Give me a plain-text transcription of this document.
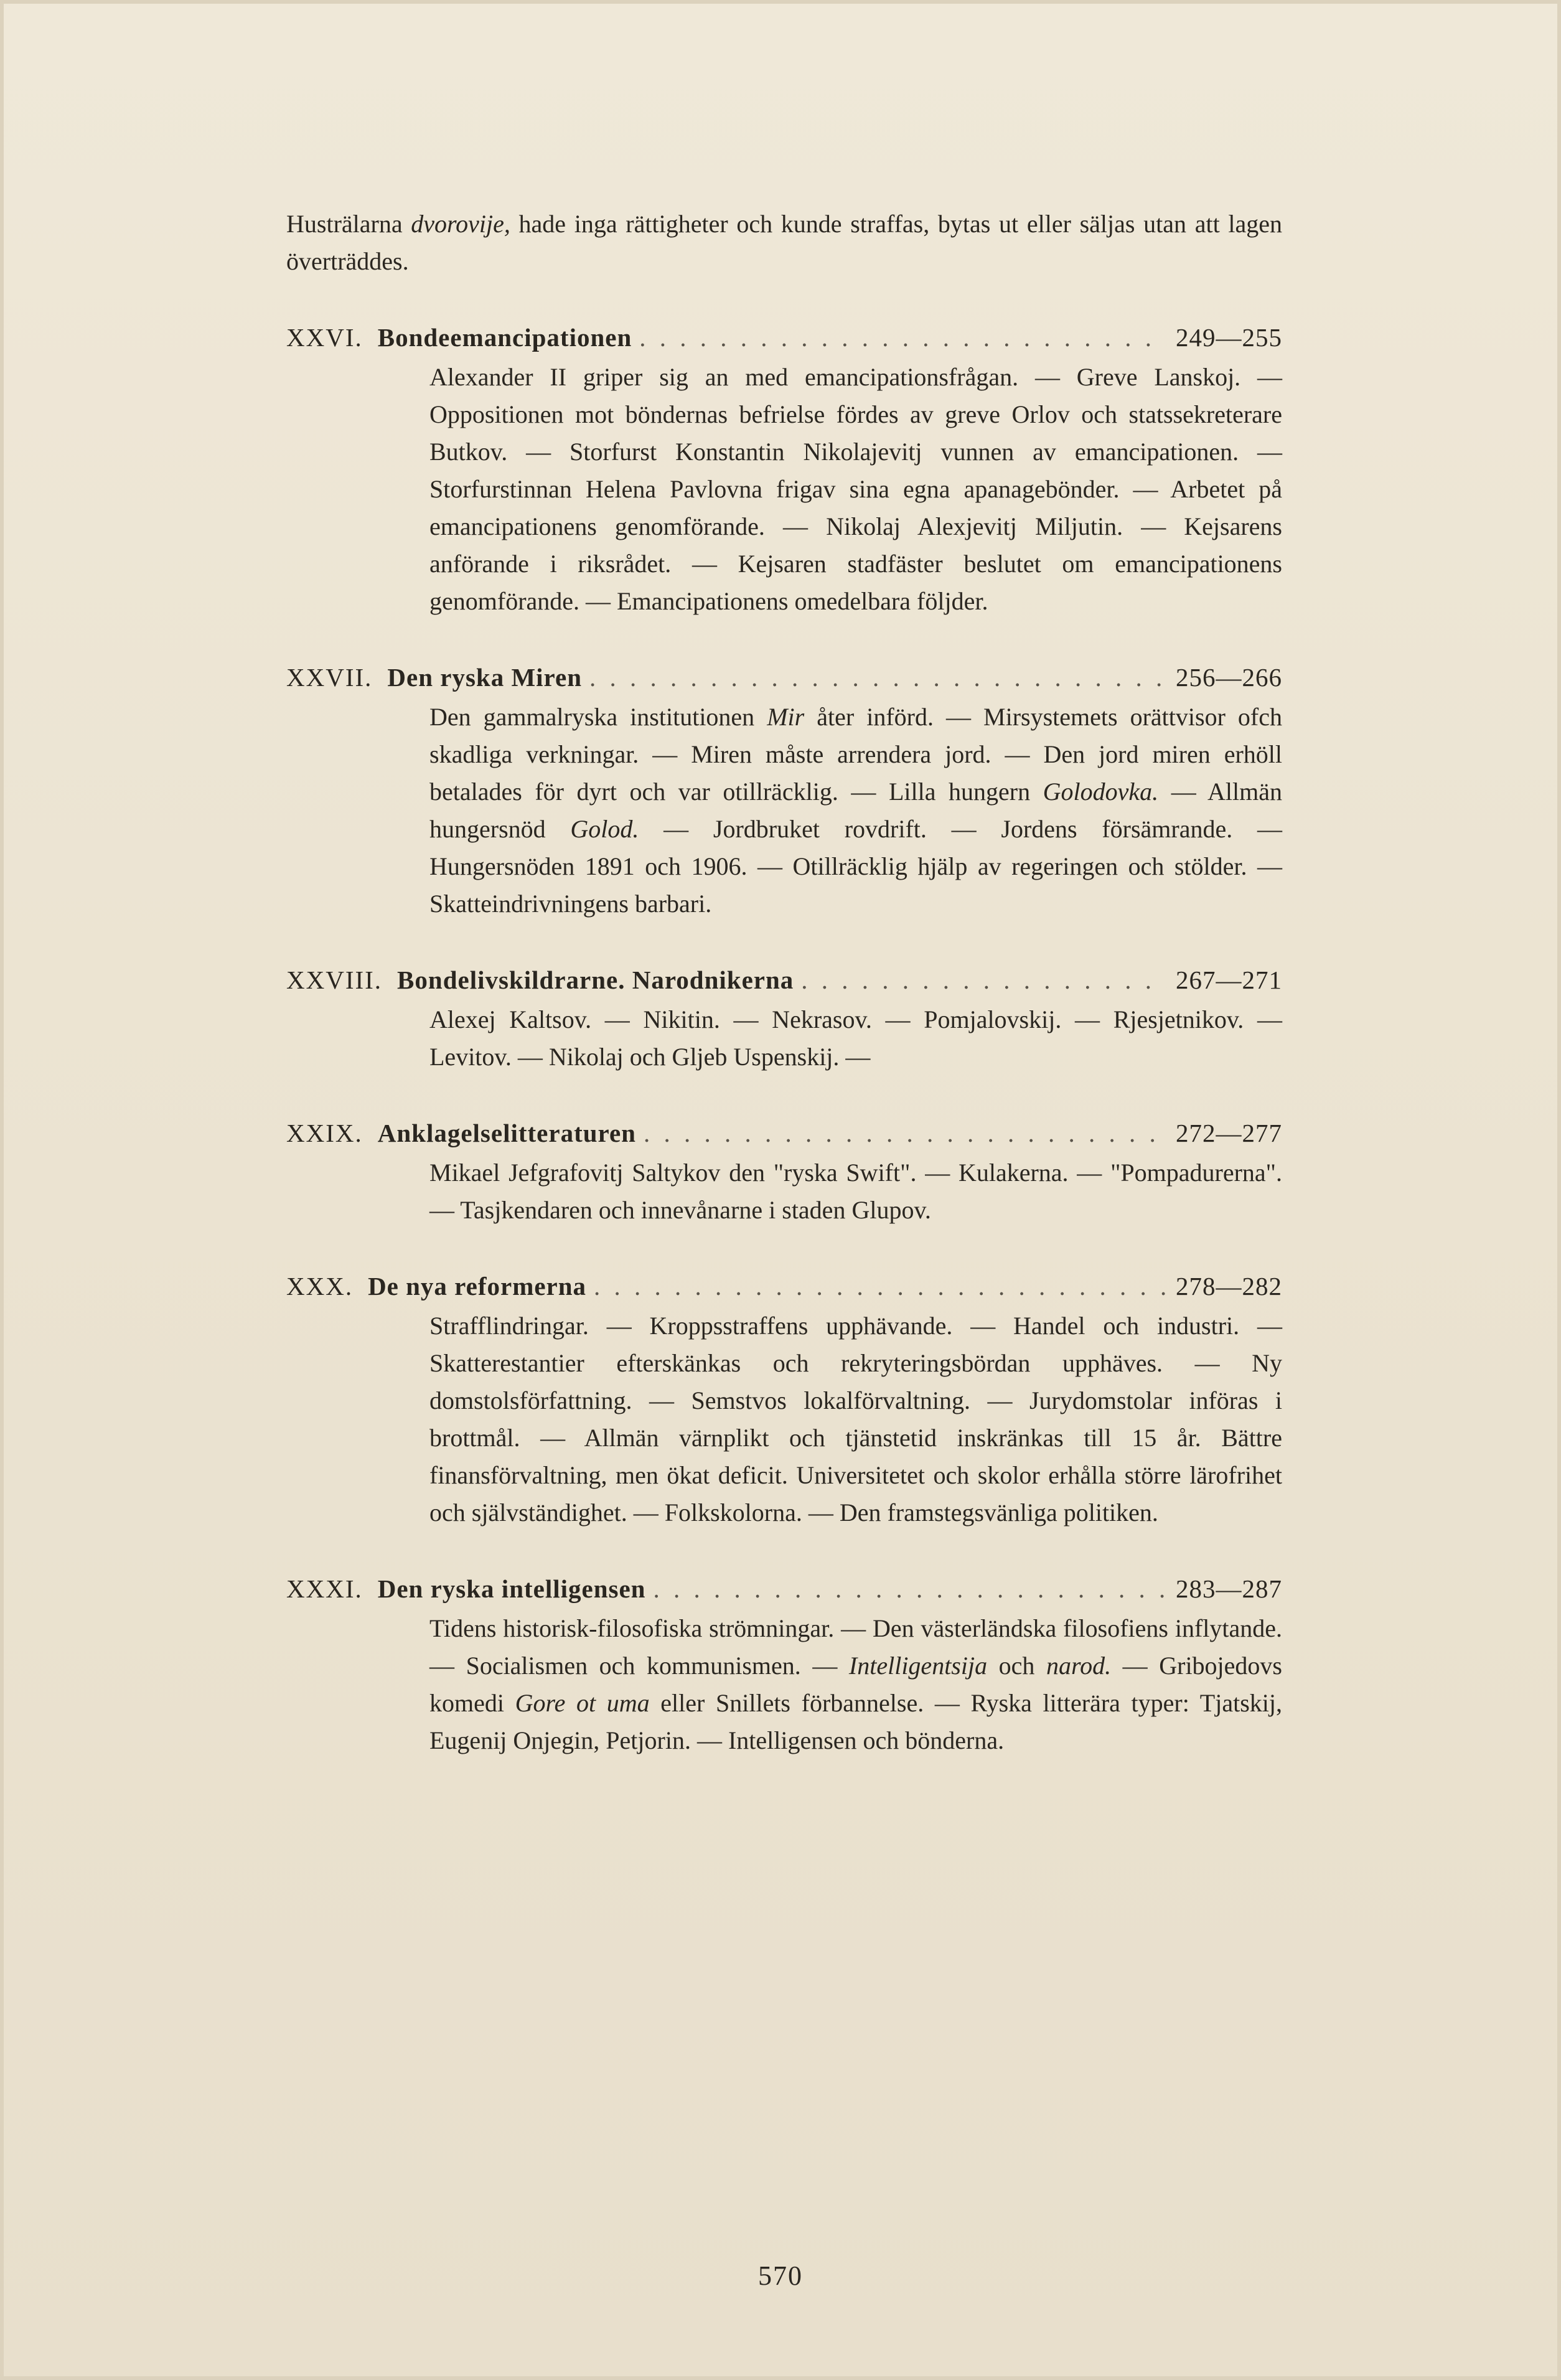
Husträlarna dvorovije, hade inga rättigheter och kunde straffas, bytas ut eller säljas utan att lagen överträddes.

XXVI. Bondeemancipationen . . .	249—255

Alexander II griper sig an med emancipationsfrågan. — Greve Lanskoj. — Oppositionen mot böndernas befrielse fördes av greve Orlov och statssekreterare Butkov. — Storfurst Konstantin Nikolajevitj vunnen av emancipationen. — Storfurstinnan Helena Pavlovna frigav sina egna apanagebönder. — Arbetet på emancipationens genomförande. — Nikolaj Alexjevitj Miljutin. — Kejsarens anförande i riksrådet. — Kejsaren stadfäster beslutet om emancipationens genomförande. — Emancipationens omedelbara följder.

XXVII. Den ryska Miren . . .	256—266

Den gammalryska institutionen Mir åter införd. — Mirsystemets orättvisor ofch skadliga verkningar. — Miren måste arrendera jord. — Den jord miren erhöll betalades för dyrt och var otillräcklig. — Lilla hungern Golodovka. — Allmän hungersnöd Golod. — Jordbruket rovdrift. — Jordens försämrande. — Hungersnöden 1891 och 1906. — Otillräcklig hjälp av regeringen och stölder. — Skatteindrivningens barbari.

XXVIII. Bondelivskildrarne. Narodnikerna . . .	267—271

Alexej Kaltsov. — Nikitin. — Nekrasov. — Pomjalovskij. — Rjesjetnikov. — Levitov. — Nikolaj och Gljeb Uspenskij. —

XXIX. Anklagelselitteraturen . . .	272—277

Mikael Jefgrafovitj Saltykov den "ryska Swift". — Kulakerna. — "Pompadurerna". — Tasjkendaren och innevånarne i staden Glupov.

XXX. De nya reformerna . . .	278—282

Strafflindringar. — Kroppsstraffens upphävande. — Handel och industri. — Skatterestantier efterskänkas och rekryteringsbördan upphäves. — Ny domstolsförfattning. — Semstvos lokalförvaltning. — Jurydomstolar införas i brottmål. — Allmän värnplikt och tjänstetid inskränkas till 15 år. Bättre finansförvaltning, men ökat deficit. Universitetet och skolor erhålla större lärofrihet och självständighet. — Folkskolorna. — Den framstegsvänliga politiken.

XXXI. Den ryska intelligensen . . .	283—287

Tidens historisk-filosofiska strömningar. — Den västerländska filosofiens inflytande. — Socialismen och kommunismen. — Intelligentsija och narod. — Gribojedovs komedi Gore ot uma eller Snillets förbannelse. — Ryska litterära typer: Tjatskij, Eugenij Onjegin, Petjorin. — Intelligensen och bönderna.

570
